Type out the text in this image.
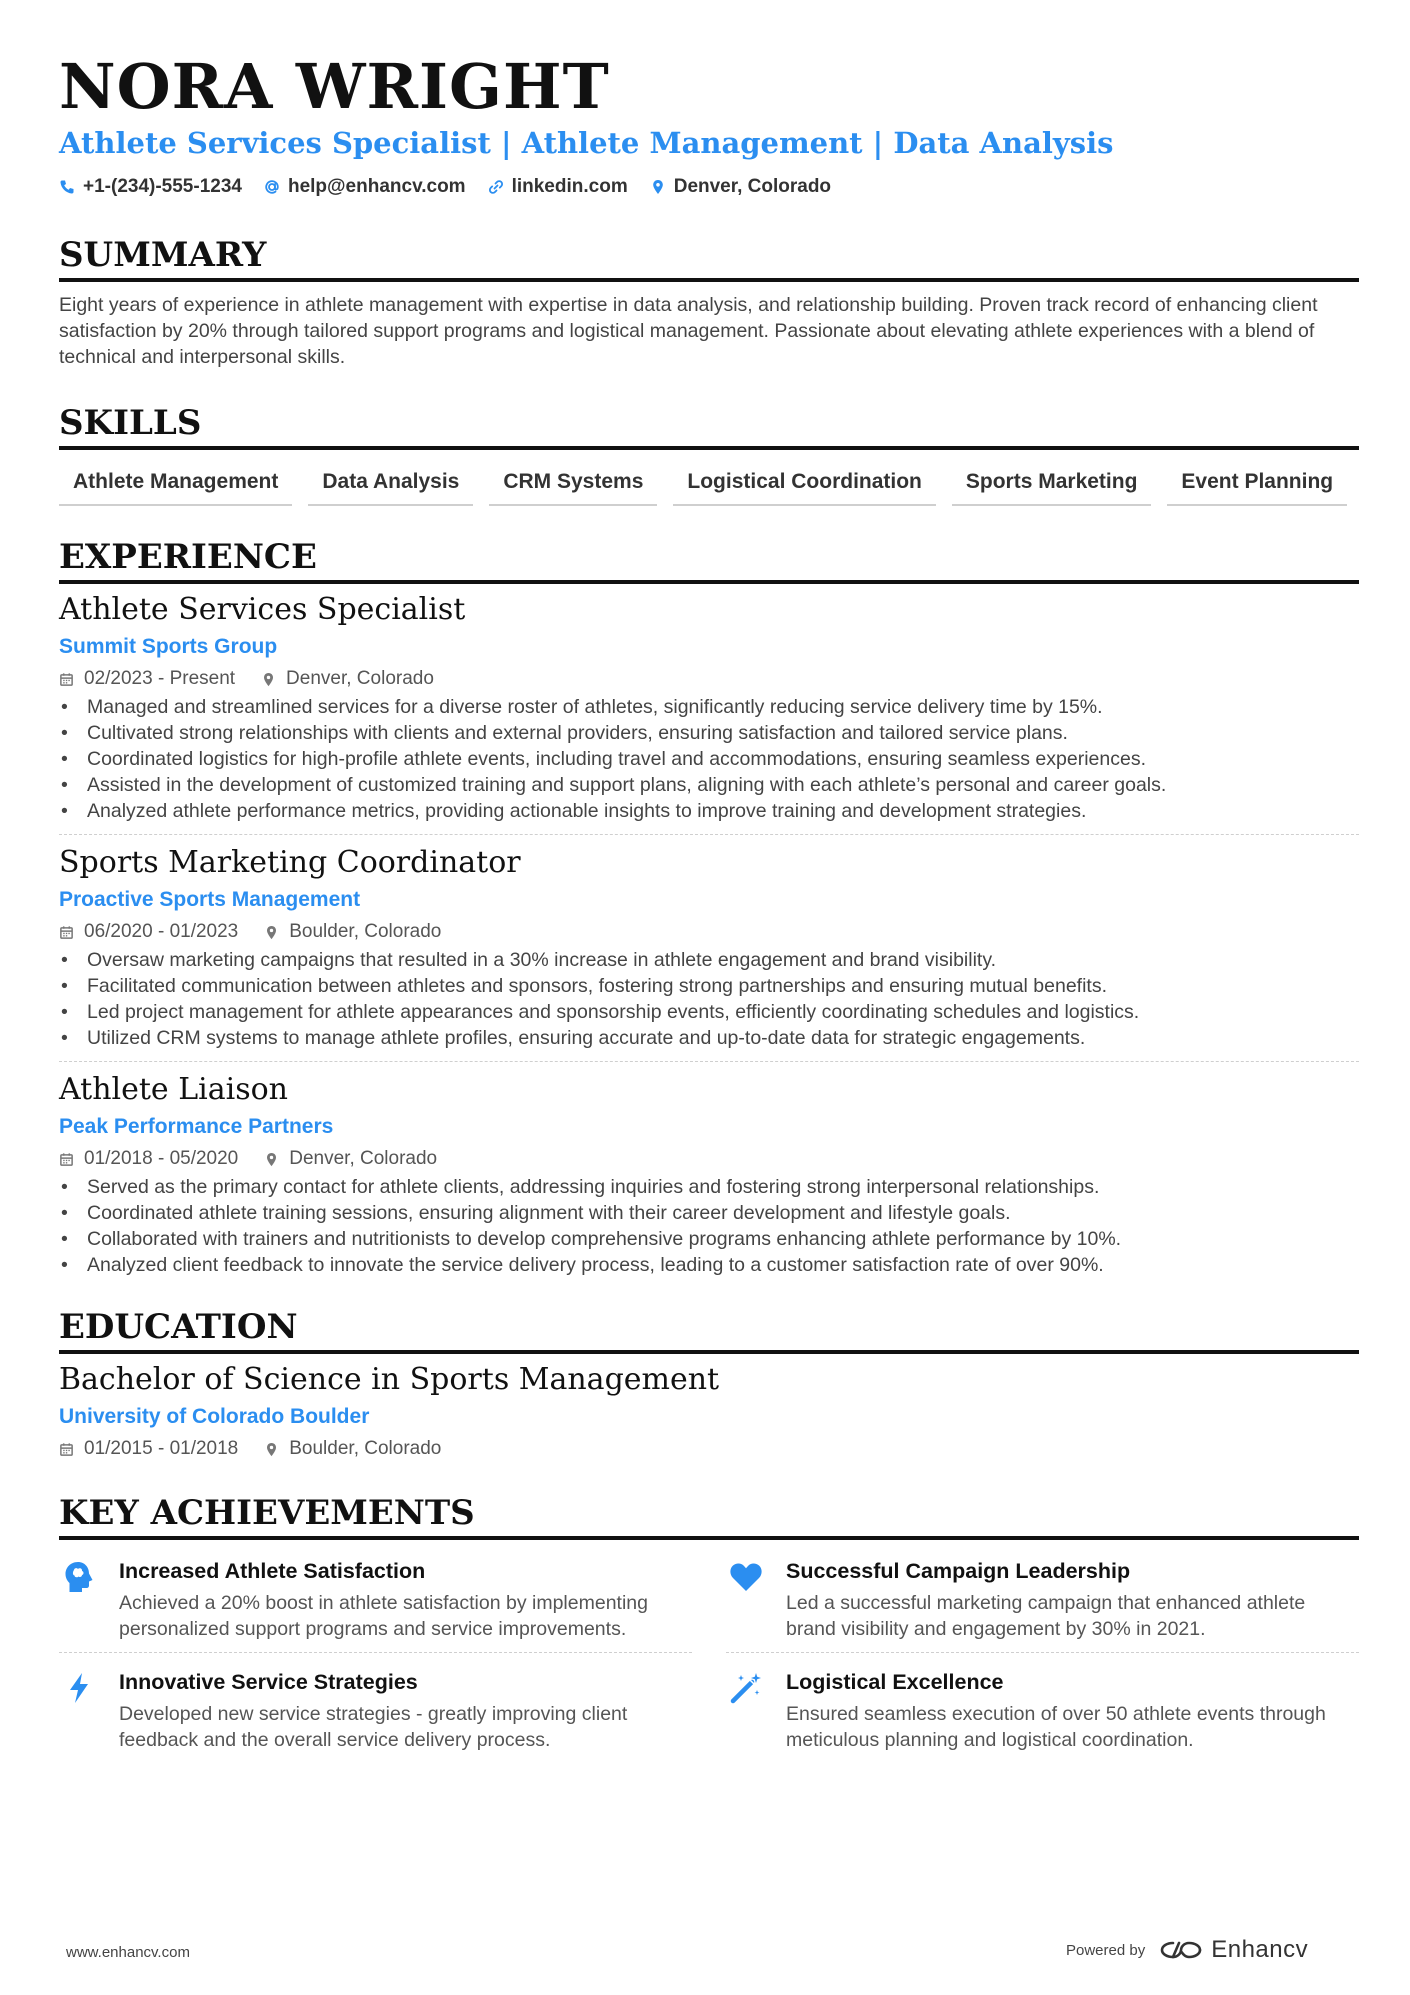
NORA WRIGHT
Athlete Services Specialist | Athlete Management | Data Analysis
+1-(234)-555-1234 help@enhancv.com linkedin.com Denver, Colorado
SUMMARY
Eight years of experience in athlete management with expertise in data analysis, and relationship building. Proven track record of enhancing client satisfaction by 20% through tailored support programs and logistical management. Passionate about elevating athlete experiences with a blend of technical and interpersonal skills.
SKILLS
Athlete Management	Data Analysis	CRM Systems	Logistical Coordination	Sports Marketing	Event Planning
EXPERIENCE
Athlete Services Specialist
Summit Sports Group
02/2023 - Present	Denver, Colorado
• Managed and streamlined services for a diverse roster of athletes, significantly reducing service delivery time by 15%.
• Cultivated strong relationships with clients and external providers, ensuring satisfaction and tailored service plans.
• Coordinated logistics for high-profile athlete events, including travel and accommodations, ensuring seamless experiences.
• Assisted in the development of customized training and support plans, aligning with each athlete’s personal and career goals.
• Analyzed athlete performance metrics, providing actionable insights to improve training and development strategies.
Sports Marketing Coordinator
Proactive Sports Management
06/2020 - 01/2023	Boulder, Colorado
• Oversaw marketing campaigns that resulted in a 30% increase in athlete engagement and brand visibility.
• Facilitated communication between athletes and sponsors, fostering strong partnerships and ensuring mutual benefits.
• Led project management for athlete appearances and sponsorship events, efficiently coordinating schedules and logistics.
• Utilized CRM systems to manage athlete profiles, ensuring accurate and up-to-date data for strategic engagements.
Athlete Liaison
Peak Performance Partners
01/2018 - 05/2020	Denver, Colorado
• Served as the primary contact for athlete clients, addressing inquiries and fostering strong interpersonal relationships.
• Coordinated athlete training sessions, ensuring alignment with their career development and lifestyle goals.
• Collaborated with trainers and nutritionists to develop comprehensive programs enhancing athlete performance by 10%.
• Analyzed client feedback to innovate the service delivery process, leading to a customer satisfaction rate of over 90%.
EDUCATION
Bachelor of Science in Sports Management
University of Colorado Boulder
01/2015 - 01/2018	Boulder, Colorado
KEY ACHIEVEMENTS
Increased Athlete Satisfaction
Achieved a 20% boost in athlete satisfaction by implementing personalized support programs and service improvements.
Successful Campaign Leadership
Led a successful marketing campaign that enhanced athlete brand visibility and engagement by 30% in 2021.
Innovative Service Strategies
Developed new service strategies - greatly improving client feedback and the overall service delivery process.
Logistical Excellence
Ensured seamless execution of over 50 athlete events through meticulous planning and logistical coordination.
www.enhancv.com	Powered by	Enhancv
